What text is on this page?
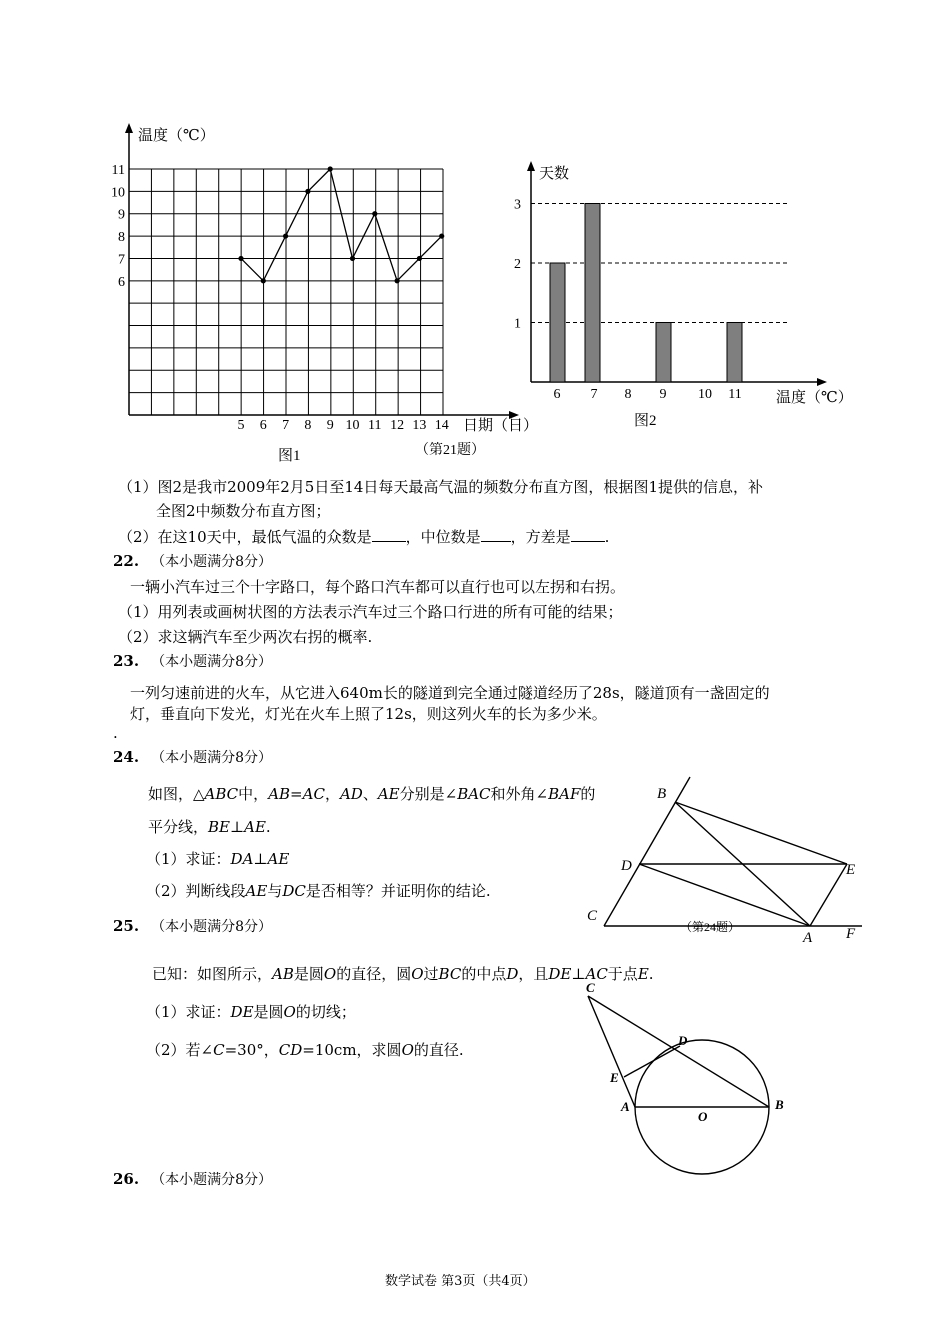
温度（℃）
日期（日）
图1	（第21题）
6
7
8
9
10
11
5 6 7 8 9 10 11 12 13 14
天数
温度（℃）
图2
1
2
3
6 7 8 9 10 11
（1）图2是我市2009年2月5日至14日每天最高气温的频数分布直方图，根据图1提供的信息，补
全图2中频数分布直方图；
（2）在这10天中，最低气温的众数是 ，中位数是 ，方差是 .
22. （本小题满分8分）
一辆小汽车过三个十字路口，每个路口汽车都可以直行也可以左拐和右拐。
（1）用列表或画树状图的方法表示汽车过三个路口行进的所有可能的结果；
（2）求这辆汽车至少两次右拐的概率.
23. （本小题满分8分）
一列匀速前进的火车，从它进入640m长的隧道到完全通过隧道经历了28s，隧道顶有一盏固定的
灯，垂直向下发光，灯光在火车上照了12s，则这列火车的长为多少米。
.
24. （本小题满分8分）
如图，△ABC中，AB=AC，AD、AE分别是∠BAC和外角∠BAF的
平分线，BE⊥AE.
（1）求证：DA⊥AE
（2）判断线段AE与DC是否相等？并证明你的结论.
B
D	E
C
A F
（第24题）
25. （本小题满分8分）
已知：如图所示，AB是圆O的直径，圆O过BC的中点D，且DE⊥AC于点E.
（1）求证：DE是圆O的切线；
（2）若∠C=30°，CD=10cm，求圆O的直径.
C
D
E
A
O
B
26. （本小题满分8分）
数学试卷 第3页（共4页）
